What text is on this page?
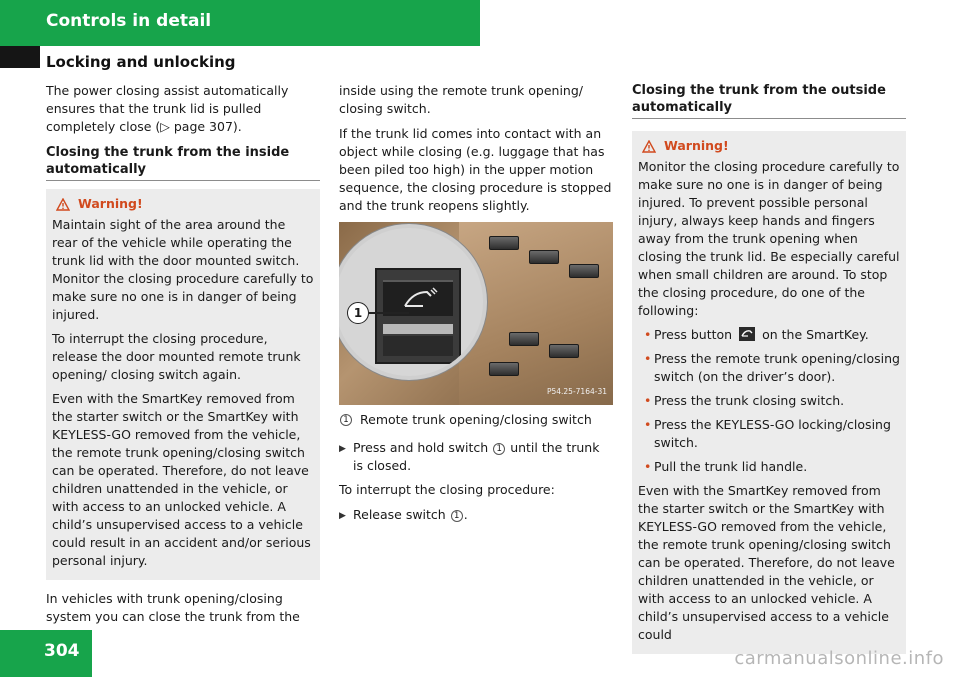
Controls in detail
Locking and unlocking

The power closing assist automatically ensures that the trunk lid is pulled completely close (▷ page 307).

Closing the trunk from the inside automatically
Warning!

Maintain sight of the area around the rear of the vehicle while operating the trunk lid with the door mounted switch. Monitor the closing procedure carefully to make sure no one is in danger of being injured.

To interrupt the closing procedure, release the door mounted remote trunk opening/ closing switch again.

Even with the SmartKey removed from the starter switch or the SmartKey with KEYLESS-GO removed from the vehicle, the remote trunk opening/closing switch can be operated. Therefore, do not leave children unattended in the vehicle, or with access to an unlocked vehicle. A child’s unsupervised access to a vehicle could result in an accident and/or serious personal injury.

In vehicles with trunk opening/closing system you can close the trunk from the

inside using the remote trunk opening/ closing switch.

If the trunk lid comes into contact with an object while closing (e.g. luggage that has been piled too high) in the upper motion sequence, the closing procedure is stopped and the trunk reopens slightly.

1
P54.25-7164-31
1 Remote trunk opening/closing switch
▶ Press and hold switch 1 until the trunk is closed.

To interrupt the closing procedure:

▶ Release switch 1 .
Closing the trunk from the outside automatically
Warning!

Monitor the closing procedure carefully to make sure no one is in danger of being injured. To prevent possible personal injury, always keep hands and fingers away from the trunk opening when closing the trunk lid. Be especially careful when small children are around. To stop the closing procedure, do one of the following:

• Press button on the SmartKey.
• Press the remote trunk opening/closing switch (on the driver’s door).
• Press the trunk closing switch.
• Press the KEYLESS-GO locking/closing switch.
• Pull the trunk lid handle.

Even with the SmartKey removed from the starter switch or the SmartKey with KEYLESS-GO removed from the vehicle, the remote trunk opening/closing switch can be operated. Therefore, do not leave children unattended in the vehicle, or with access to an unlocked vehicle. A child’s unsupervised access to a vehicle could

304	carmanualsonline.info
